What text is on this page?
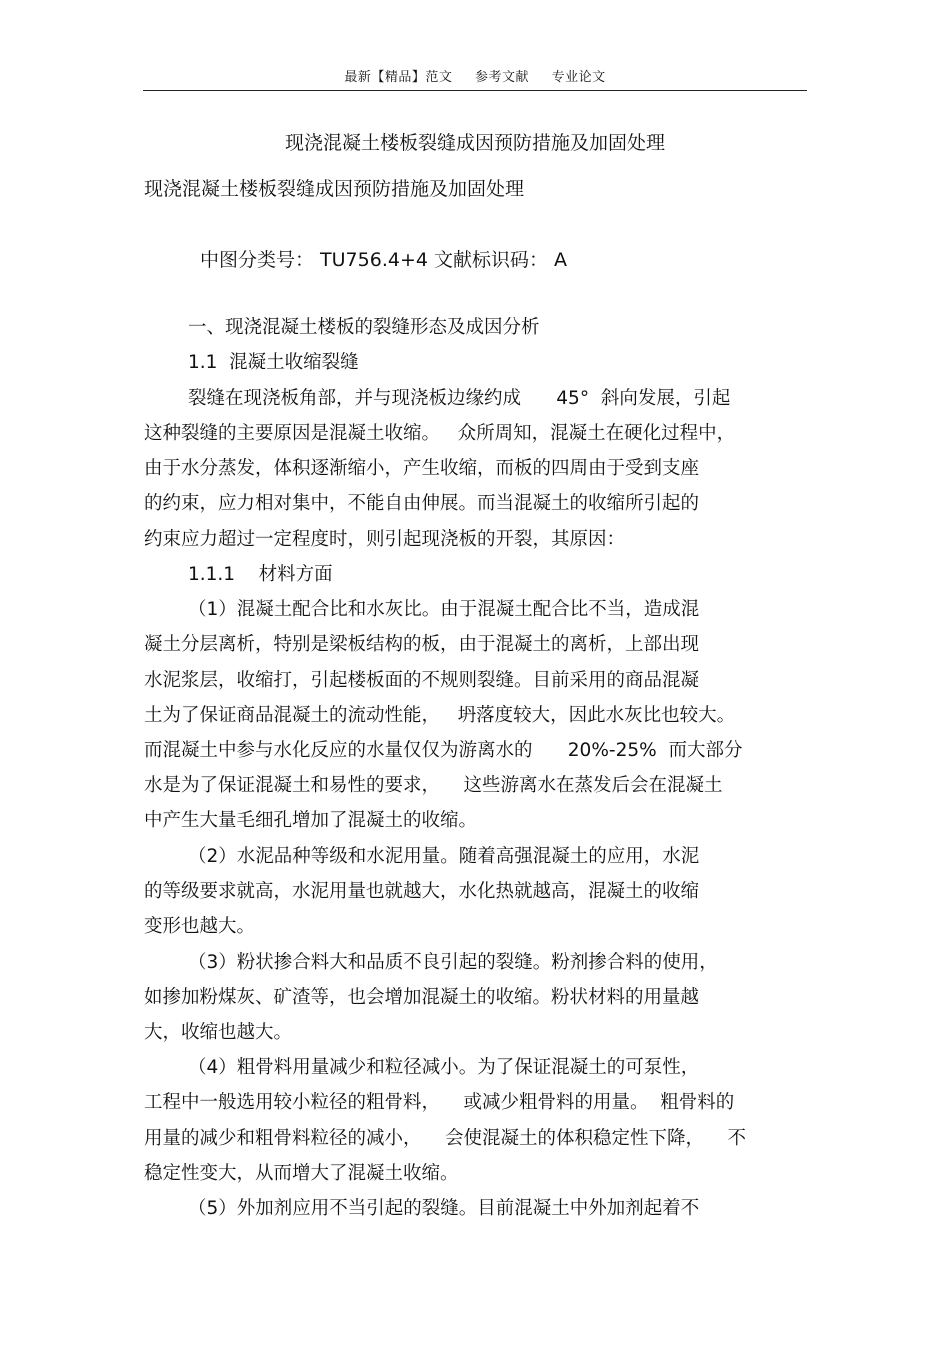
最新【精品】范文 参考文献 专业论文
现浇混凝土楼板裂缝成因预防措施及加固处理
现浇混凝土楼板裂缝成因预防措施及加固处理
中图分类号： TU756.4+4 文献标识码： A
一、现浇混凝土楼板的裂缝形态及成因分析
1.1  混凝土收缩裂缝
裂缝在现浇板角部，并与现浇板边缘约成      45°  斜向发展，引起
这种裂缝的主要原因是混凝土收缩。   众所周知，混凝土在硬化过程中，
由于水分蒸发，体积逐渐缩小，产生收缩，而板的四周由于受到支座
的约束，应力相对集中，不能自由伸展。而当混凝土的收缩所引起的
约束应力超过一定程度时，则引起现浇板的开裂，其原因：
1.1.1    材料方面
（1）混凝土配合比和水灰比。由于混凝土配合比不当，造成混
凝土分层离析，特别是梁板结构的板，由于混凝土的离析，上部出现
水泥浆层，收缩打，引起楼板面的不规则裂缝。目前采用的商品混凝
土为了保证商品混凝土的流动性能，   坍落度较大，因此水灰比也较大。
而混凝土中参与水化反应的水量仅仅为游离水的      20%-25%  而大部分
水是为了保证混凝土和易性的要求，    这些游离水在蒸发后会在混凝土
中产生大量毛细孔增加了混凝土的收缩。
（2）水泥品种等级和水泥用量。随着高强混凝土的应用，水泥
的等级要求就高，水泥用量也就越大，水化热就越高，混凝土的收缩
变形也越大。
（3）粉状掺合料大和品质不良引起的裂缝。粉剂掺合料的使用，
如掺加粉煤灰、矿渣等，也会增加混凝土的收缩。粉状材料的用量越
大，收缩也越大。
（4）粗骨料用量减少和粒径减小。为了保证混凝土的可泵性，
工程中一般选用较小粒径的粗骨料，    或减少粗骨料的用量。  粗骨料的
用量的减少和粗骨料粒径的减小，    会使混凝土的体积稳定性下降，    不
稳定性变大，从而增大了混凝土收缩。
（5）外加剂应用不当引起的裂缝。目前混凝土中外加剂起着不
